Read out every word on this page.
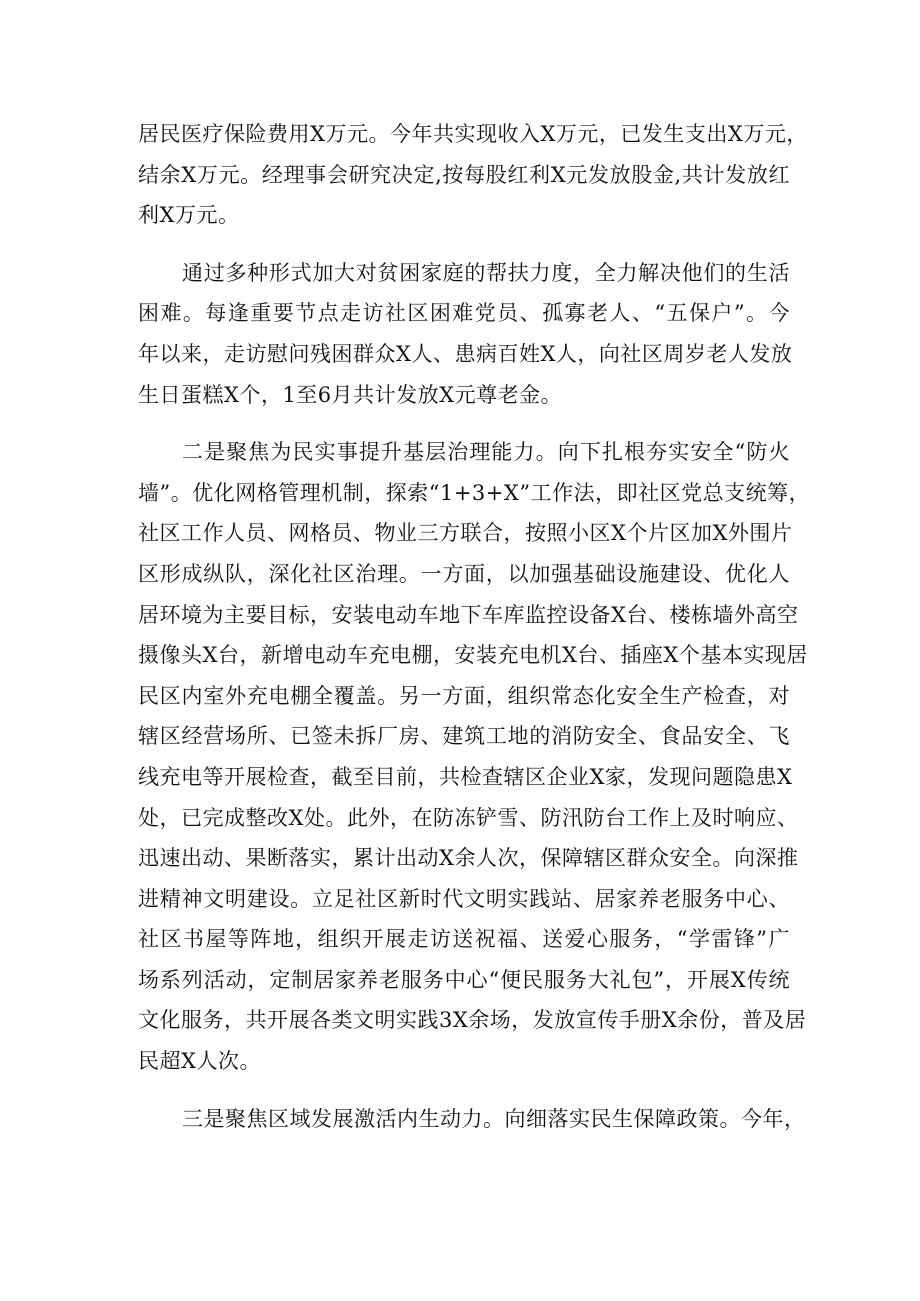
居民医疗保险费用X万元。今年共实现收入X万元，已发生支出X万元，
结余X万元。经理事会研究决定,按每股红利X元发放股金,共计发放红
利X万元。
通过多种形式加大对贫困家庭的帮扶力度，全力解决他们的生活
困难。每逢重要节点走访社区困难党员、孤寡老人、“五保户”。今
年以来，走访慰问残困群众X人、患病百姓X人，向社区周岁老人发放
生日蛋糕X个，1至6月共计发放X元尊老金。
二是聚焦为民实事提升基层治理能力。向下扎根夯实安全“防火
墙”。优化网格管理机制，探索“1+3+X”工作法，即社区党总支统筹，
社区工作人员、网格员、物业三方联合，按照小区X个片区加X外围片
区形成纵队，深化社区治理。一方面，以加强基础设施建设、优化人
居环境为主要目标，安装电动车地下车库监控设备X台、楼栋墙外高空
摄像头X台，新增电动车充电棚，安装充电机X台、插座X个基本实现居
民区内室外充电棚全覆盖。另一方面，组织常态化安全生产检查，对
辖区经营场所、已签未拆厂房、建筑工地的消防安全、食品安全、飞
线充电等开展检查，截至目前，共检查辖区企业X家，发现问题隐患X
处，已完成整改X处。此外，在防冻铲雪、防汛防台工作上及时响应、
迅速出动、果断落实，累计出动X余人次，保障辖区群众安全。向深推
进精神文明建设。立足社区新时代文明实践站、居家养老服务中心、
社区书屋等阵地，组织开展走访送祝福、送爱心服务，“学雷锋”广
场系列活动，定制居家养老服务中心“便民服务大礼包”，开展X传统
文化服务，共开展各类文明实践3X余场，发放宣传手册X余份，普及居
民超X人次。
三是聚焦区域发展激活内生动力。向细落实民生保障政策。今年，
